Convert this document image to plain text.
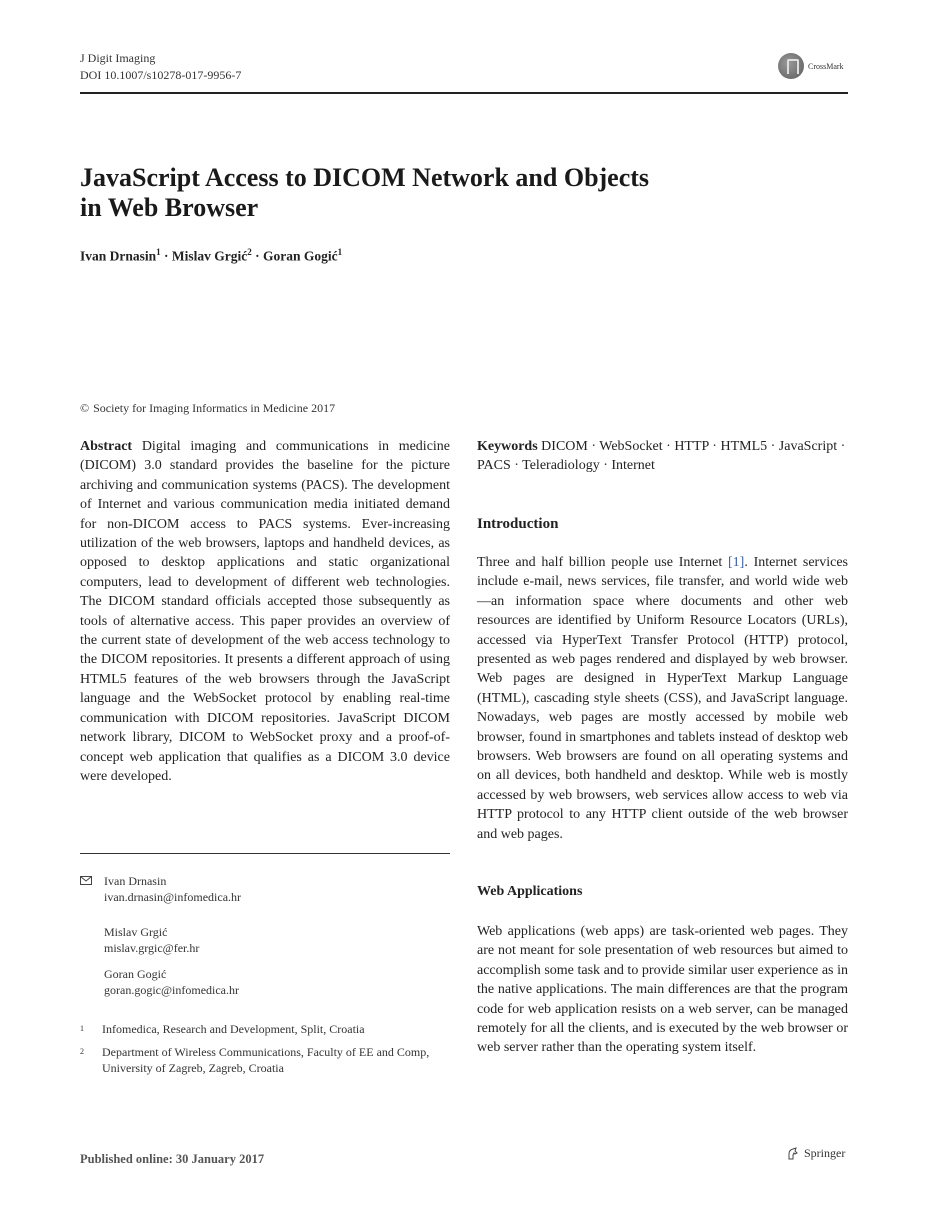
J Digit Imaging
DOI 10.1007/s10278-017-9956-7
CrossMark
JavaScript Access to DICOM Network and Objects
in Web Browser
Ivan Drnasin$^1$ · Mislav Grgić$^2$ · Goran Gogić$^1$
© Society for Imaging Informatics in Medicine 2017
Abstract Digital imaging and communications in medicine (DICOM) 3.0 standard provides the baseline for the picture archiving and communication systems (PACS). The development of Internet and various communication media initiated demand for non-DICOM access to PACS systems. Ever-increasing utilization of the web browsers, laptops and handheld devices, as opposed to desktop applications and static organizational computers, lead to development of different web technologies. The DICOM standard officials accepted those subsequently as tools of alternative access. This paper provides an overview of the current state of development of the web access technology to the DICOM repositories. It presents a different approach of using HTML5 features of the web browsers through the JavaScript language and the WebSocket protocol by enabling real-time communication with DICOM repositories. JavaScript DICOM network library, DICOM to WebSocket proxy and a proof-of-concept web application that qualifies as a DICOM 3.0 device were developed.
Ivan Drnasin
ivan.drnasin@infomedica.hr
Mislav Grgić
mislav.grgic@fer.hr
Goran Gogić
goran.gogic@infomedica.hr
1 Infomedica, Research and Development, Split, Croatia
2 Department of Wireless Communications, Faculty of EE and Comp, University of Zagreb, Zagreb, Croatia
Keywords DICOM · WebSocket · HTTP · HTML5 · JavaScript · PACS · Teleradiology · Internet
Introduction
Three and half billion people use Internet [1]. Internet services include e-mail, news services, file transfer, and world wide web—an information space where documents and other web resources are identified by Uniform Resource Locators (URLs), accessed via HyperText Transfer Protocol (HTTP) protocol, presented as web pages rendered and displayed by web browser. Web pages are designed in HyperText Markup Language (HTML), cascading style sheets (CSS), and JavaScript language. Nowadays, web pages are mostly accessed by mobile web browser, found in smartphones and tablets instead of desktop web browsers. Web browsers are found on all operating systems and on all devices, both handheld and desktop. While web is mostly accessed by web browsers, web services allow access to web via HTTP protocol to any HTTP client outside of the web browser and web pages.
Web Applications
Web applications (web apps) are task-oriented web pages. They are not meant for sole presentation of web resources but aimed to accomplish some task and to provide similar user experience as in the native applications. The main differences are that the program code for web application resists on a web server, can be managed remotely for all the clients, and is executed by the web browser or web server rather than the operating system itself.
Published online: 30 January 2017	Springer
